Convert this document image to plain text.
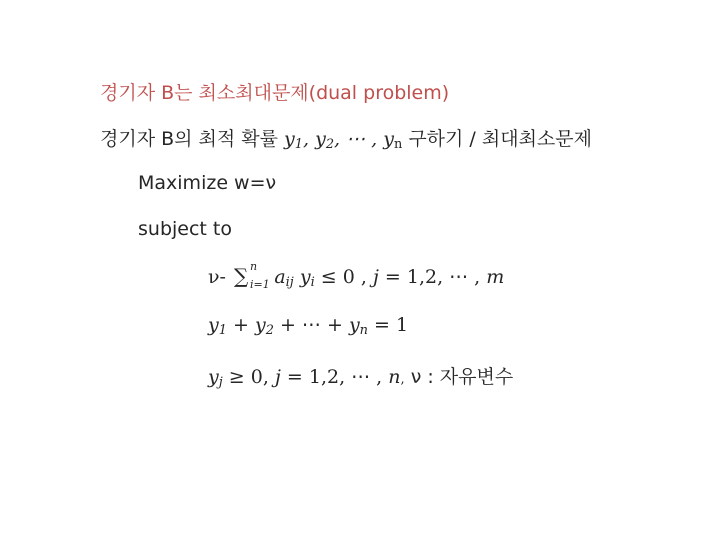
경기자 B는 최소최대문제(dual problem)
경기자 B의 최적 확률 $y_1$, $y_2$, ⋯ , $y_n$ 구하기 / 최대최소문제
Maximize w=ν
subject to
ν- ∑ n
i=1 $a_{ij}$ $y_i \le 0$ , j = 1,2, ⋯ , m
$y_1 + y_2$ + ⋯ + $y_n = 1$
$y_j \ge 0$, j = 1,2, ⋯ , n, ν : 자유변수
